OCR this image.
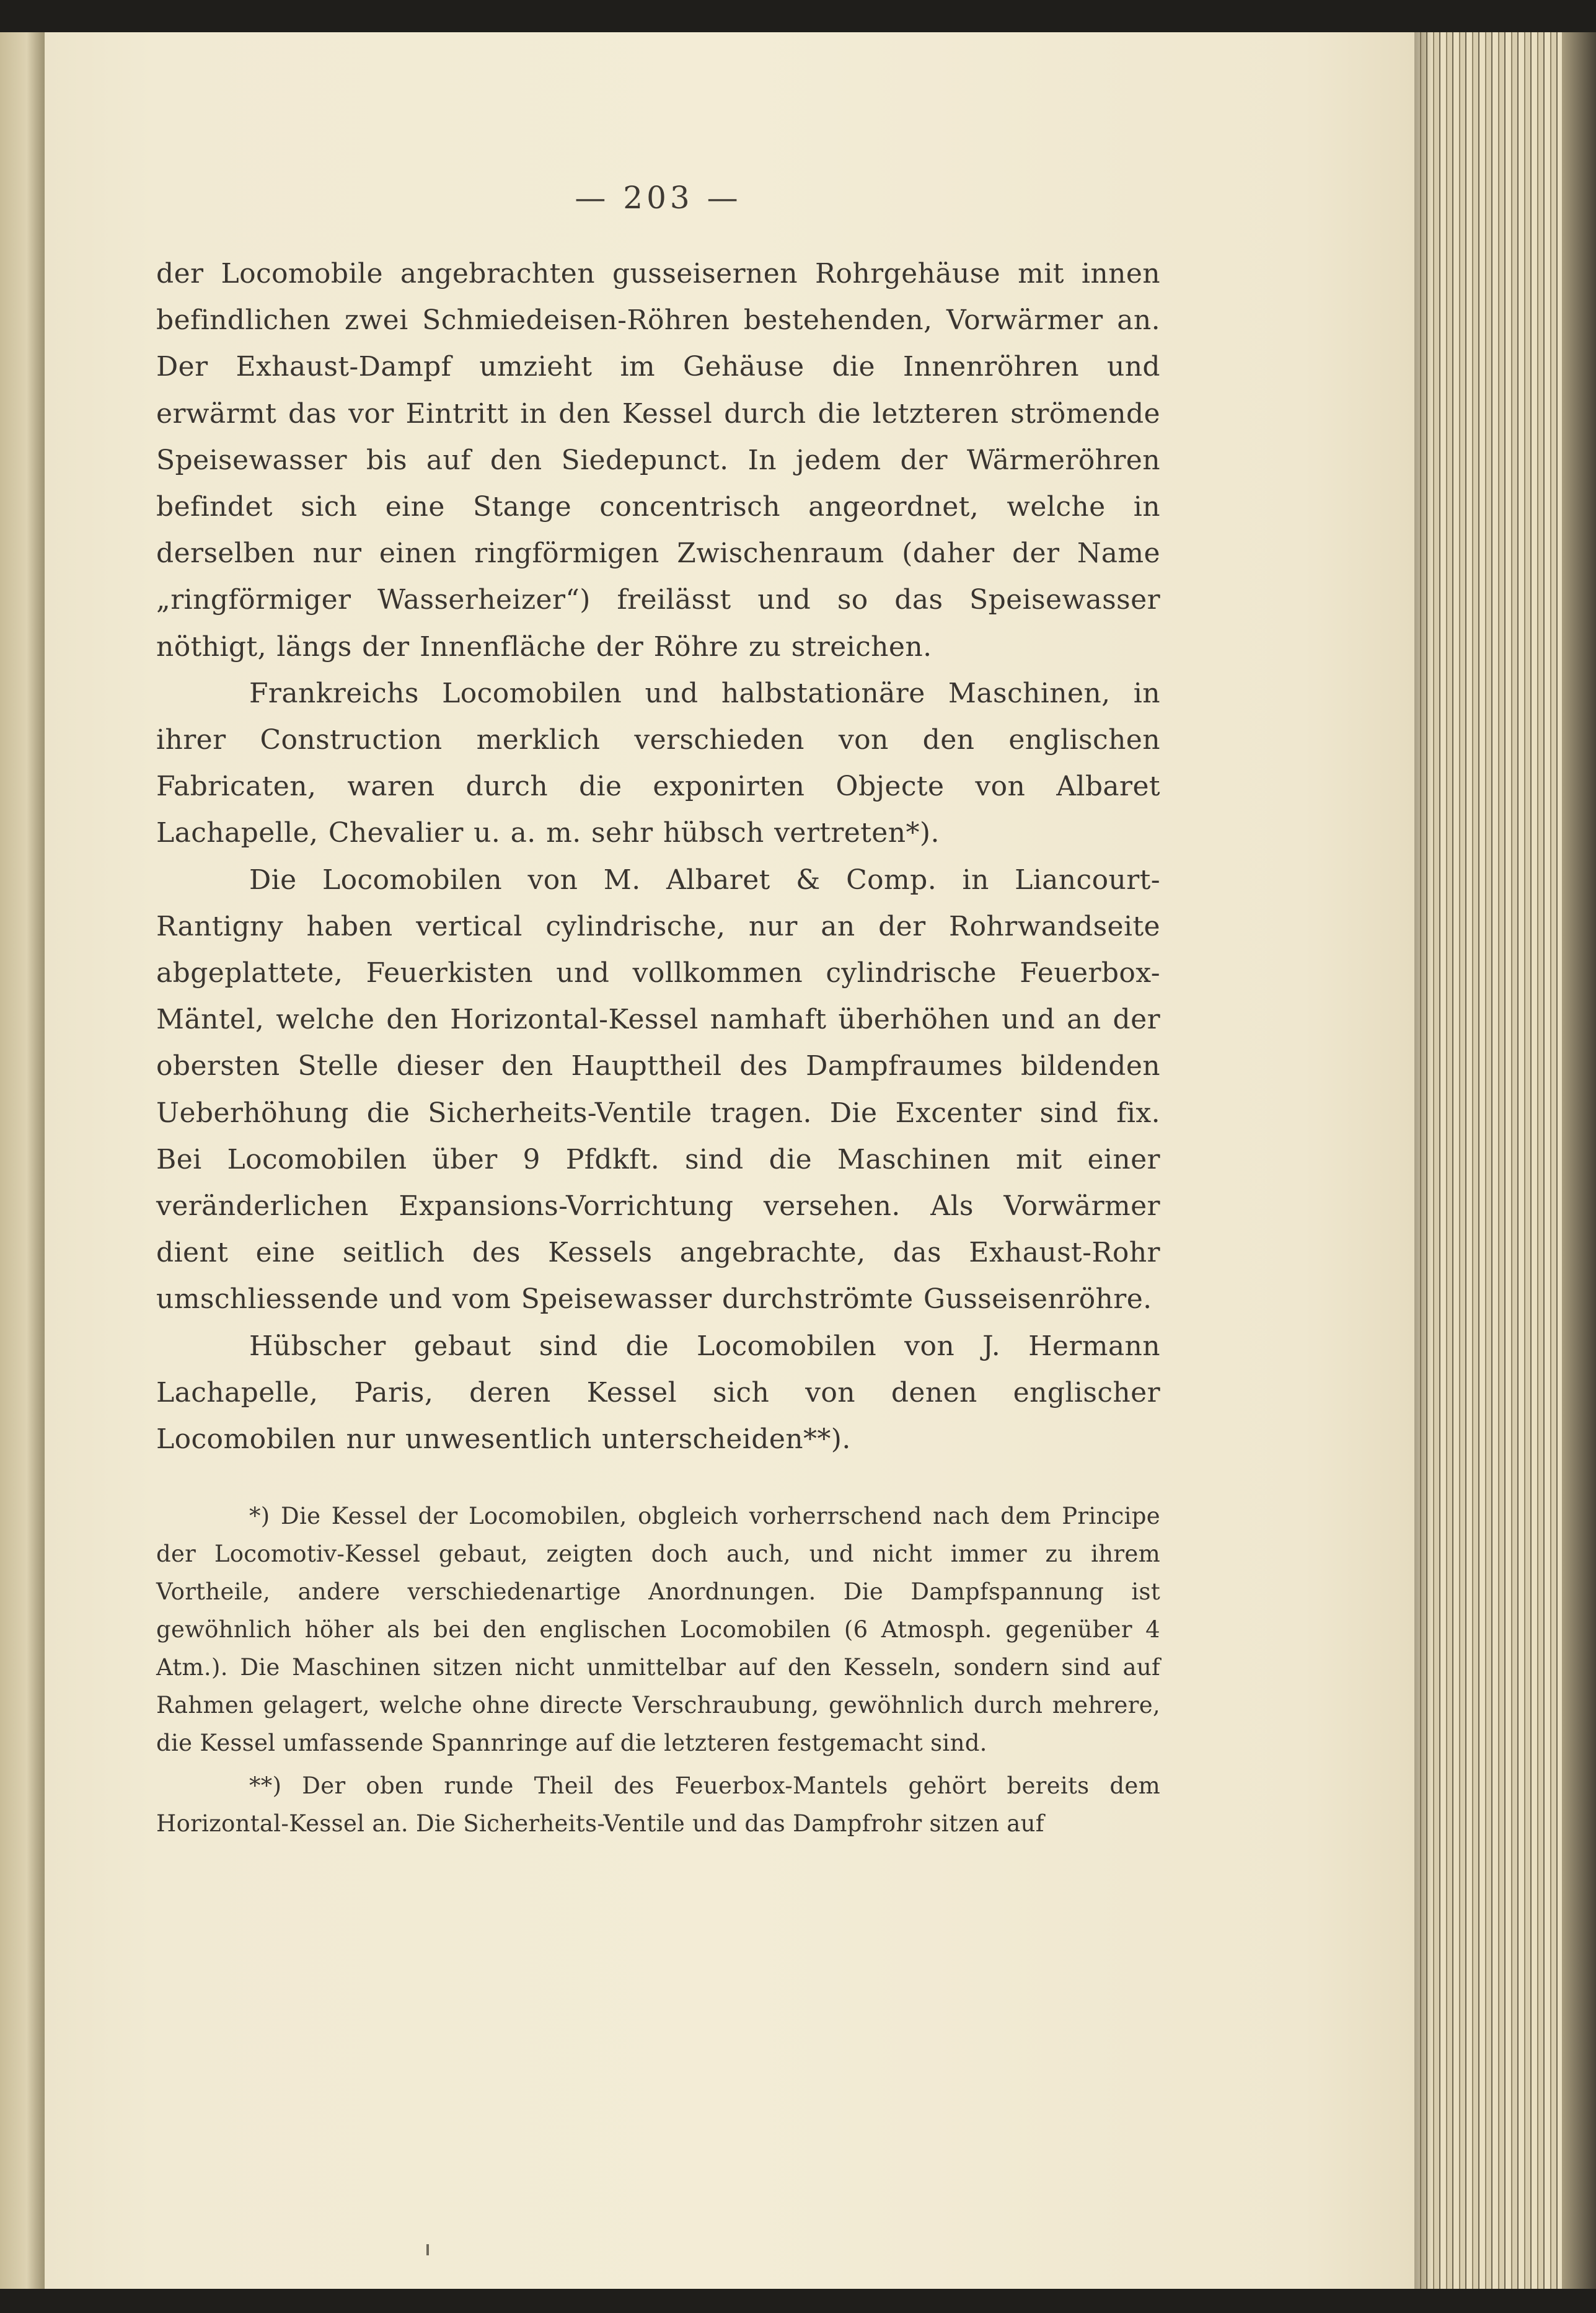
— 203 —

der Locomobile angebrachten gusseisernen Rohrgehäuse mit innen befindlichen zwei Schmiedeisen-Röhren bestehenden, Vorwärmer an. Der Exhaust-Dampf umzieht im Gehäuse die Innenröhren und erwärmt das vor Eintritt in den Kessel durch die letzteren strömende Speisewasser bis auf den Siedepunct. In jedem der Wärmeröhren befindet sich eine Stange concentrisch angeordnet, welche in derselben nur einen ringförmigen Zwischenraum (daher der Name „ringförmiger Wasserheizer“) freilässt und so das Speisewasser nöthigt, längs der Innenfläche der Röhre zu streichen.

Frankreichs Locomobilen und halbstationäre Maschinen, in ihrer Construction merklich verschieden von den englischen Fabricaten, waren durch die exponirten Objecte von Albaret Lachapelle, Chevalier u. a. m. sehr hübsch vertreten*).

Die Locomobilen von M. Albaret & Comp. in Liancourt-Rantigny haben vertical cylindrische, nur an der Rohrwandseite abgeplattete, Feuerkisten und vollkommen cylindrische Feuerbox-Mäntel, welche den Horizontal-Kessel namhaft überhöhen und an der obersten Stelle dieser den Haupttheil des Dampfraumes bildenden Ueberhöhung die Sicherheits-Ventile tragen. Die Excenter sind fix. Bei Locomobilen über 9 Pfdkft. sind die Maschinen mit einer veränderlichen Expansions-Vorrichtung versehen. Als Vorwärmer dient eine seitlich des Kessels angebrachte, das Exhaust-Rohr umschliessende und vom Speisewasser durchströmte Gusseisenröhre.

Hübscher gebaut sind die Locomobilen von J. Hermann Lachapelle, Paris, deren Kessel sich von denen englischer Locomobilen nur unwesentlich unterscheiden**).

*) Die Kessel der Locomobilen, obgleich vorherrschend nach dem Principe der Locomotiv-Kessel gebaut, zeigten doch auch, und nicht immer zu ihrem Vortheile, andere verschiedenartige Anordnungen. Die Dampfspannung ist gewöhnlich höher als bei den englischen Locomobilen (6 Atmosph. gegenüber 4 Atm.). Die Maschinen sitzen nicht unmittelbar auf den Kesseln, sondern sind auf Rahmen gelagert, welche ohne directe Verschraubung, gewöhnlich durch mehrere, die Kessel umfassende Spannringe auf die letzteren festgemacht sind.

**) Der oben runde Theil des Feuerbox-Mantels gehört bereits dem Horizontal-Kessel an. Die Sicherheits-Ventile und das Dampfrohr sitzen auf
